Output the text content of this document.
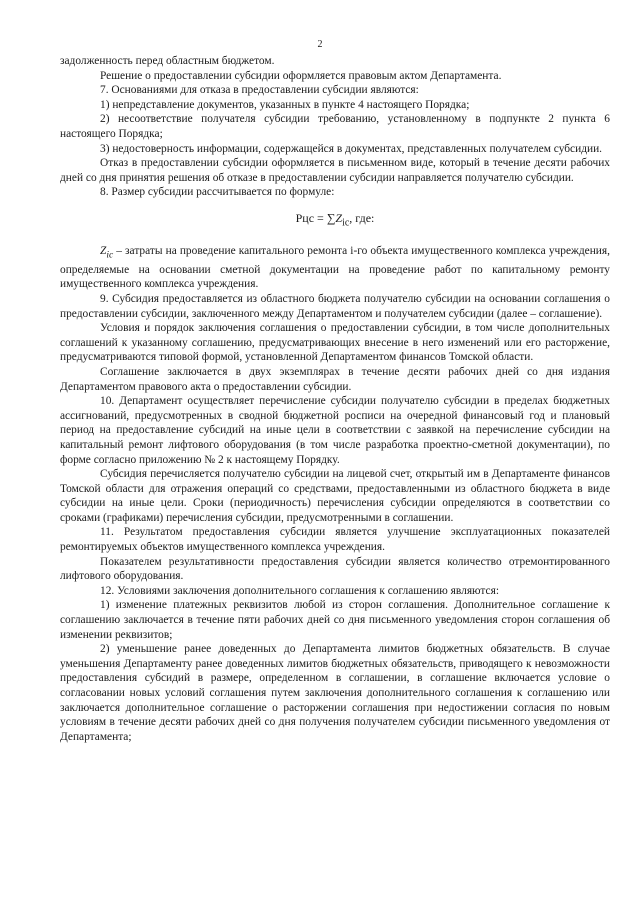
2

задолженность перед областным бюджетом.

Решение о предоставлении субсидии оформляется правовым актом Департамента.

7. Основаниями для отказа в предоставлении субсидии являются:

1) непредставление документов, указанных в пункте 4 настоящего Порядка;

2) несоответствие получателя субсидии требованию, установленному в подпункте 2 пункта 6 настоящего Порядка;

3) недостоверность информации, содержащейся в документах, представленных получателем субсидии.

Отказ в предоставлении субсидии оформляется в письменном виде, который в течение десяти рабочих дней со дня принятия решения об отказе в предоставлении субсидии направляется получателю субсидии.

8. Размер субсидии рассчитывается по формуле:

Рцс = $\sum Z_{ic}$, где:

$Z_{ic}$ – затраты на проведение капитального ремонта i-го объекта имущественного комплекса учреждения, определяемые на основании сметной документации на проведение работ по капитальному ремонту имущественного комплекса учреждения.

9. Субсидия предоставляется из областного бюджета получателю субсидии на основании соглашения о предоставлении субсидии, заключенного между Департаментом и получателем субсидии (далее – соглашение).

Условия и порядок заключения соглашения о предоставлении субсидии, в том числе дополнительных соглашений к указанному соглашению, предусматривающих внесение в него изменений или его расторжение, предусматриваются типовой формой, установленной Департаментом финансов Томской области.

Соглашение заключается в двух экземплярах в течение десяти рабочих дней со дня издания Департаментом правового акта о предоставлении субсидии.

10. Департамент осуществляет перечисление субсидии получателю субсидии в пределах бюджетных ассигнований, предусмотренных в сводной бюджетной росписи на очередной финансовый год и плановый период на предоставление субсидий на иные цели в соответствии с заявкой на перечисление субсидии на капитальный ремонт лифтового оборудования (в том числе разработка проектно-сметной документации), по форме согласно приложению № 2 к настоящему Порядку.

Субсидия перечисляется получателю субсидии на лицевой счет, открытый им в Департаменте финансов Томской области для отражения операций со средствами, предоставленными из областного бюджета в виде субсидии на иные цели. Сроки (периодичность) перечисления субсидии определяются в соответствии со сроками (графиками) перечисления субсидии, предусмотренными в соглашении.

11. Результатом предоставления субсидии является улучшение эксплуатационных показателей ремонтируемых объектов имущественного комплекса учреждения.

Показателем результативности предоставления субсидии является количество отремонтированного лифтового оборудования.

12. Условиями заключения дополнительного соглашения к соглашению являются:

1) изменение платежных реквизитов любой из сторон соглашения. Дополнительное соглашение к соглашению заключается в течение пяти рабочих дней со дня письменного уведомления сторон соглашения об изменении реквизитов;

2) уменьшение ранее доведенных до Департамента лимитов бюджетных обязательств. В случае уменьшения Департаменту ранее доведенных лимитов бюджетных обязательств, приводящего к невозможности предоставления субсидий в размере, определенном в соглашении, в соглашение включается условие о согласовании новых условий соглашения путем заключения дополнительного соглашения к соглашению или заключается дополнительное соглашение о расторжении соглашения при недостижении согласия по новым условиям в течение десяти рабочих дней со дня получения получателем субсидии письменного уведомления от Департамента;
